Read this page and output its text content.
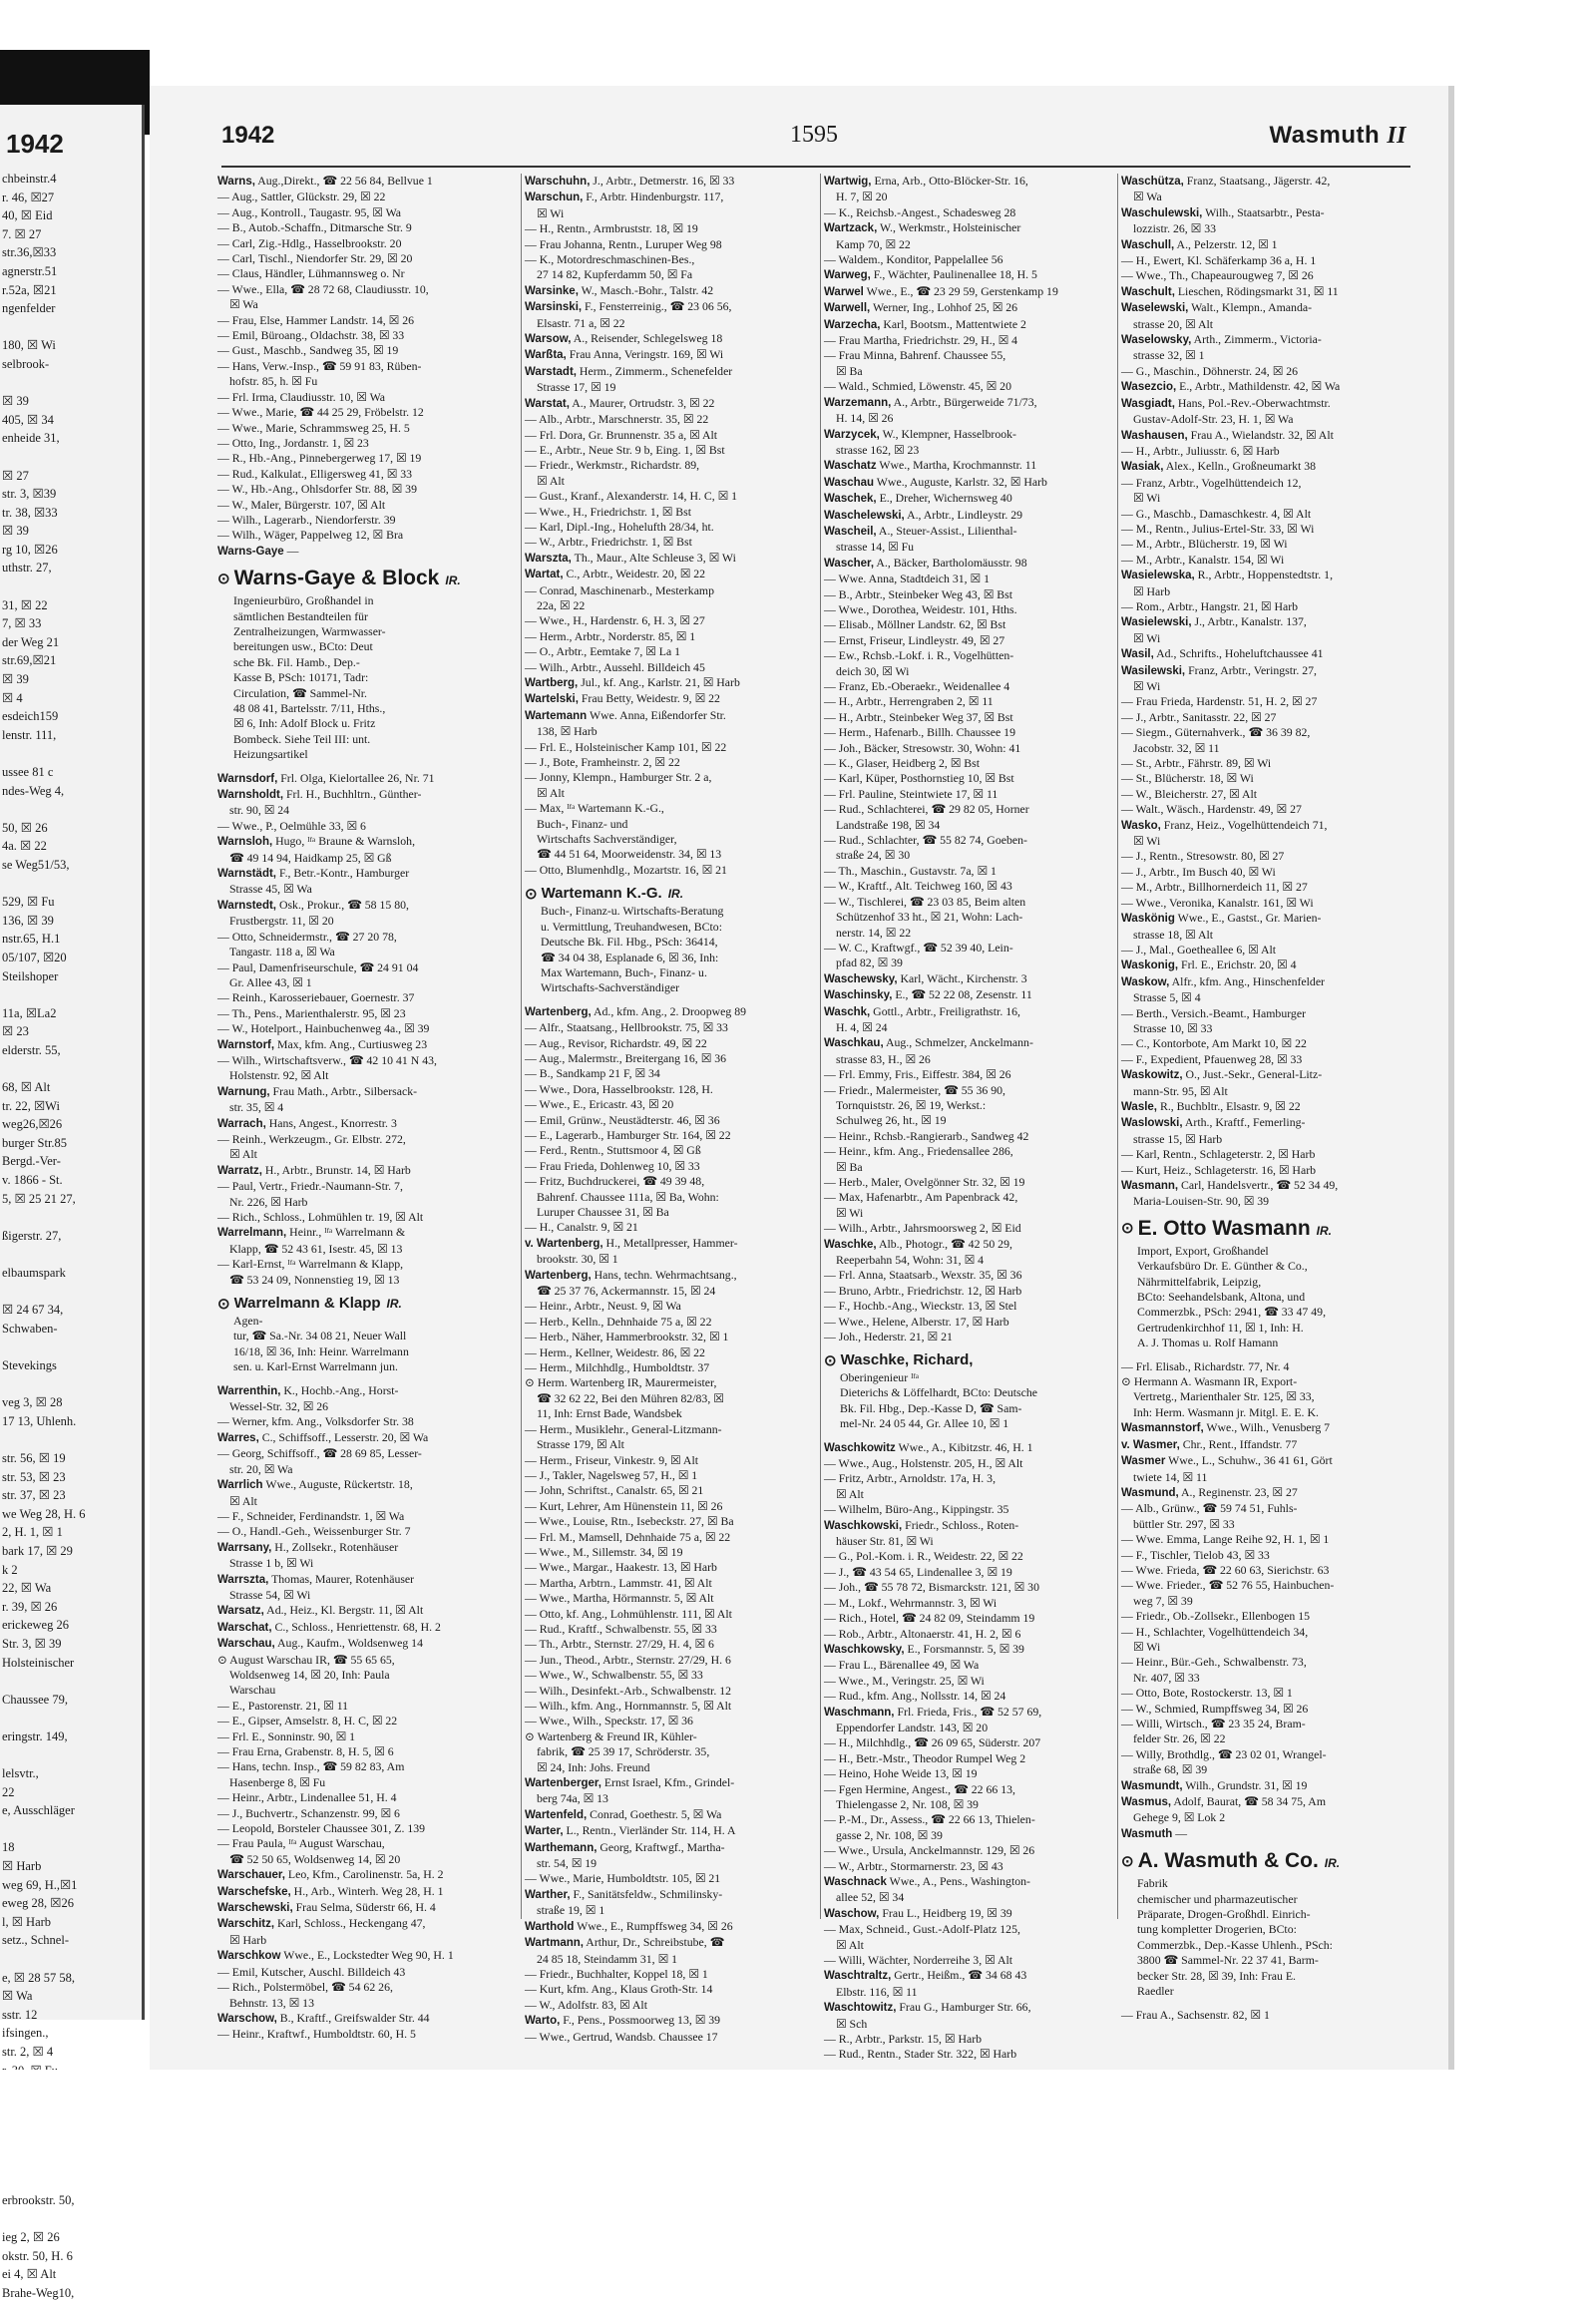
1942
chbeinstr.4
r. 46, ☒27
40, ☒ Eid
7. ☒ 27
str.36,☒33
agnerstr.51
r.52a, ☒21
ngenfelder

180, ☒ Wi
selbrook-

☒ 39
405, ☒ 34
enheide 31,

☒ 27
str. 3, ☒39
tr. 38, ☒33
☒ 39
rg 10, ☒26
uthstr. 27,

31, ☒ 22
7, ☒ 33
der Weg 21
str.69,☒21
☒ 39
☒ 4
esdeich159
lenstr. 111,

ussee 81 c
ndes-Weg 4,

50, ☒ 26
4a. ☒ 22
se Weg51/53,

529, ☒ Fu
136, ☒ 39
nstr.65, H.1
05/107, ☒20
Steilshoper

11a, ☒La2
☒ 23
elderstr. 55,

68, ☒ Alt
tr. 22, ☒Wi
weg26,☒26
burger Str.85
Bergd.-Ver-
v. 1866 - St.
5, ☒ 25 21 27,

ßigerstr. 27,

elbaumspark

☒ 24 67 34,
Schwaben-

Stevekings

veg 3, ☒ 28
17 13, Uhlenh.

str. 56, ☒ 19
str. 53, ☒ 23
str. 37, ☒ 23
we Weg 28, H. 6
2, H. 1, ☒ 1
bark 17, ☒ 29
k 2
22, ☒ Wa
r. 39, ☒ 26
erickeweg 26
Str. 3, ☒ 39
Holsteinischer

Chaussee 79,

eringstr. 149,

lelsvtr.,
22
e, Ausschläger

18
☒ Harb
weg 69, H.,☒1
eweg 28, ☒26
l, ☒ Harb
setz., Schnel-

e, ☒ 28 57 58,
☒ Wa
sstr. 12
ifsingen.,
str. 2, ☒ 4

erbrookstr. 50,

ieg 2, ☒ 26
okstr. 50, H. 6
ei 4, ☒ Alt
Brahe-Weg10,
1595
1942	Wasmuth II
Warns, Aug.,Direkt., ☎ 22 56 84, Bellvue 1
— Aug., Sattler, Glückstr. 29, ☒ 22
— Aug., Kontroll., Taugastr. 95, ☒ Wa
— B., Autob.-Schaffn., Ditmarsche Str. 9
— Carl, Zig.-Hdlg., Hasselbrookstr. 20
— Carl, Tischl., Niendorfer Str. 29, ☒ 20
— Claus, Händler, Lühmannsweg o. Nr
— Wwe., Ella, ☎ 28 72 68, Claudiusstr. 10,
☒ Wa
— Frau, Else, Hammer Landstr. 14, ☒ 26
— Emil, Büroang., Oldachstr. 38, ☒ 33
— Gust., Maschb., Sandweg 35, ☒ 19
— Hans, Verw.-Insp., ☎ 59 91 83, Rüben-
hofstr. 85, h. ☒ Fu
— Frl. Irma, Claudiusstr. 10, ☒ Wa
— Wwe., Marie, ☎ 44 25 29, Fröbelstr. 12
— Wwe., Marie, Schrammsweg 25, H. 5
— Otto, Ing., Jordanstr. 1, ☒ 23
— R., Hb.-Ang., Pinnebergerweg 17, ☒ 19
— Rud., Kalkulat., Elligersweg 41, ☒ 33
— W., Hb.-Ang., Ohlsdorfer Str. 88, ☒ 39
— W., Maler, Bürgerstr. 107, ☒ Alt
— Wilh., Lagerarb., Niendorferstr. 39
— Wilh., Wäger, Pappelweg 12, ☒ Bra
Warns-Gaye —
⊙ Warns-Gaye & Block IR.
Ingenieurbüro, Großhandel in
sämtlichen Bestandteilen für
Zentralheizungen, Warmwasser-
bereitungen usw., BCto: Deut
sche Bk. Fil. Hamb., Dep.-
Kasse B, PSch: 10171, Tadr:
Circulation, ☎ Sammel-Nr.
48 08 41, Bartelsstr. 7/11, Hths.,
☒ 6, Inh: Adolf Block u. Fritz
Bombeck. Siehe Teil III: unt.
Heizungsartikel
Warnsdorf, Frl. Olga, Kielortallee 26, Nr. 71
Warnsholdt, Frl. H., Buchhltrn., Günther-
str. 90, ☒ 24
— Wwe., P., Oelmühle 33, ☒ 6
Warnsloh, Hugo, ᴵᶠᵃ Braune & Warnsloh,
☎ 49 14 94, Haidkamp 25, ☒ Gß
Warnstädt, F., Betr.-Kontr., Hamburger
Strasse 45, ☒ Wa
Warnstedt, Osk., Prokur., ☎ 58 15 80,
Frustbergstr. 11, ☒ 20
— Otto, Schneidermstr., ☎ 27 20 78,
Tangastr. 118 a, ☒ Wa
— Paul, Damenfriseurschule, ☎ 24 91 04
Gr. Allee 43, ☒ 1
— Reinh., Karosseriebauer, Goernestr. 37
— Th., Pens., Marienthalerstr. 95, ☒ 23
— W., Hotelport., Hainbuchenweg 4a., ☒ 39
Warnstorf, Max, kfm. Ang., Curtiusweg 23
— Wilh., Wirtschaftsverw., ☎ 42 10 41 N 43,
Holstenstr. 92, ☒ Alt
Warnung, Frau Math., Arbtr., Silbersack-
str. 35, ☒ 4
Warrach, Hans, Angest., Knorrestr. 3
— Reinh., Werkzeugm., Gr. Elbstr. 272,
☒ Alt
Warratz, H., Arbtr., Brunstr. 14, ☒ Harb
— Paul, Vertr., Friedr.-Naumann-Str. 7,
Nr. 226, ☒ Harb
— Rich., Schloss., Lohmühlen tr. 19, ☒ Alt
Warrelmann, Heinr., ᴵᶠᵃ Warrelmann &
Klapp, ☎ 52 43 61, Isestr. 45, ☒ 13
— Karl-Ernst, ᴵᶠᵃ Warrelmann & Klapp,
☎ 53 24 09, Nonnenstieg 19, ☒ 13
⊙ Warrelmann & Klapp IR.
Agen-
tur, ☎ Sa.-Nr. 34 08 21, Neuer Wall
16/18, ☒ 36, Inh: Heinr. Warrelmann
sen. u. Karl-Ernst Warrelmann jun.
Warrenthin, K., Hochb.-Ang., Horst-
Wessel-Str. 32, ☒ 26
— Werner, kfm. Ang., Volksdorfer Str. 38
Warres, C., Schiffsoff., Lesserstr. 20, ☒ Wa
— Georg, Schiffsoff., ☎ 28 69 85, Lesser-
str. 20, ☒ Wa
Warrlich Wwe., Auguste, Rückertstr. 18,
☒ Alt
— F., Schneider, Ferdinandstr. 1, ☒ Wa
— O., Handl.-Geh., Weissenburger Str. 7
Warrsany, H., Zollsekr., Rotenhäuser
Strasse 1 b, ☒ Wi
Warrszta, Thomas, Maurer, Rotenhäuser
Strasse 54, ☒ Wi
Warsatz, Ad., Heiz., Kl. Bergstr. 11, ☒ Alt
Warschat, C., Schloss., Henriettenstr. 68, H. 2
Warschau, Aug., Kaufm., Woldsenweg 14
⊙ August Warschau IR, ☎ 55 65 65,
Woldsenweg 14, ☒ 20, Inh: Paula
Warschau
— E., Pastorenstr. 21, ☒ 11
— E., Gipser, Amselstr. 8, H. C, ☒ 22
— Frl. E., Sonninstr. 90, ☒ 1
— Frau Erna, Grabenstr. 8, H. 5, ☒ 6
— Hans, techn. Insp., ☎ 59 82 83, Am
Hasenberge 8, ☒ Fu
— Heinr., Arbtr., Lindenallee 51, H. 4
— J., Buchvertr., Schanzenstr. 99, ☒ 6
— Leopold, Borsteler Chaussee 301, Z. 139
— Frau Paula, ᴵᶠᵃ August Warschau,
☎ 52 50 65, Woldsenweg 14, ☒ 20
Warschauer, Leo, Kfm., Carolinenstr. 5a, H. 2
Warschefske, H., Arb., Winterh. Weg 28, H. 1
Warschewski, Frau Selma, Süderstr 66, H. 4
Warschitz, Karl, Schloss., Heckengang 47,
☒ Harb
Warschkow Wwe., E., Lockstedter Weg 90, H. 1
— Emil, Kutscher, Auschl. Billdeich 43
— Rich., Polstermöbel, ☎ 54 62 26,
Behnstr. 13, ☒ 13
Warschow, B., Kraftf., Greifswalder Str. 44
— Heinr., Kraftwf., Humboldtstr. 60, H. 5
Warschuhn, J., Arbtr., Detmerstr. 16, ☒ 33
Warschun, F., Arbtr. Hindenburgstr. 117,
☒ Wi
— H., Rentn., Armbruststr. 18, ☒ 19
— Frau Johanna, Rentn., Luruper Weg 98
— K., Motordreschmaschinen-Bes.,
27 14 82, Kupferdamm 50, ☒ Fa
Warsinke, W., Masch.-Bohr., Talstr. 42
Warsinski, F., Fensterreinig., ☎ 23 06 56,
Elsastr. 71 a, ☒ 22
Warsow, A., Reisender, Schlegelsweg 18
Warßta, Frau Anna, Veringstr. 169, ☒ Wi
Warstadt, Herm., Zimmerm., Schenefelder
Strasse 17, ☒ 19
Warstat, A., Maurer, Ortrudstr. 3, ☒ 22
— Alb., Arbtr., Marschnerstr. 35, ☒ 22
— Frl. Dora, Gr. Brunnenstr. 35 a, ☒ Alt
— E., Arbtr., Neue Str. 9 b, Eing. 1, ☒ Bst
— Friedr., Werkmstr., Richardstr. 89,
☒ Alt
— Gust., Kranf., Alexanderstr. 14, H. C, ☒ 1
— Wwe., H., Friedrichstr. 1, ☒ Bst
— Karl, Dipl.-Ing., Hohelufth 28/34, ht.
— W., Arbtr., Friedrichstr. 1, ☒ Bst
Warszta, Th., Maur., Alte Schleuse 3, ☒ Wi
Wartat, C., Arbtr., Weidestr. 20, ☒ 22
— Conrad, Maschinenarb., Mesterkamp
22a, ☒ 22
— Wwe., H., Hardenstr. 6, H. 3, ☒ 27
— Herm., Arbtr., Norderstr. 85, ☒ 1
— O., Arbtr., Eemtake 7, ☒ La 1
— Wilh., Arbtr., Aussehl. Billdeich 45
Wartberg, Jul., kf. Ang., Karlstr. 21, ☒ Harb
Wartelski, Frau Betty, Weidestr. 9, ☒ 22
Wartemann Wwe. Anna, Eißendorfer Str.
138, ☒ Harb
— Frl. E., Holsteinischer Kamp 101, ☒ 22
— J., Bote, Framheinstr. 2, ☒ 22
— Jonny, Klempn., Hamburger Str. 2 a,
☒ Alt
— Max, ᴵᶠᵃ Wartemann K.-G.,
Buch-, Finanz- und
Wirtschafts Sachverständiger,
☎ 44 51 64, Moorweidenstr. 34, ☒ 13
— Otto, Blumenhdlg., Mozartstr. 16, ☒ 21
⊙ Wartemann K.-G. IR.
Buch-, Finanz-u. Wirtschafts-Beratung
u. Vermittlung, Treuhandwesen, BCto:
Deutsche Bk. Fil. Hbg., PSch: 36414,
☎ 34 04 38, Esplanade 6, ☒ 36, Inh:
Max Wartemann, Buch-, Finanz- u.
Wirtschafts-Sachverständiger
Wartenberg, Ad., kfm. Ang., 2. Droopweg 89
— Alfr., Staatsang., Hellbrookstr. 75, ☒ 33
— Aug., Revisor, Richardstr. 49, ☒ 22
— Aug., Malermstr., Breitergang 16, ☒ 36
— B., Sandkamp 21 F, ☒ 34
— Wwe., Dora, Hasselbrookstr. 128, H.
— Wwe., E., Ericastr. 43, ☒ 20
— Emil, Grünw., Neustädterstr. 46, ☒ 36
— E., Lagerarb., Hamburger Str. 164, ☒ 22
— Ferd., Rentn., Stuttsmoor 4, ☒ Gß
— Frau Frieda, Dohlenweg 10, ☒ 33
— Fritz, Buchdruckerei, ☎ 49 39 48,
Bahrenf. Chaussee 111a, ☒ Ba, Wohn:
Luruper Chaussee 31, ☒ Ba
— H., Canalstr. 9, ☒ 21
v. Wartenberg, H., Metallpresser, Hammer-
brookstr. 30, ☒ 1
Wartenberg, Hans, techn. Wehrmachtsang.,
☎ 25 37 76, Ackermannstr. 15, ☒ 24
— Heinr., Arbtr., Neust. 9, ☒ Wa
— Herb., Kelln., Dehnhaide 75 a, ☒ 22
— Herb., Näher, Hammerbrookstr. 32, ☒ 1
— Herm., Kellner, Weidestr. 86, ☒ 22
— Herm., Milchhdlg., Humboldtstr. 37
⊙ Herm. Wartenberg IR, Maurermeister,
☎ 32 62 22, Bei den Mühren 82/83, ☒
11, Inh: Ernst Bade, Wandsbek
— Herm., Musiklehr., General-Litzmann-
Strasse 179, ☒ Alt
— Herm., Friseur, Vinkestr. 9, ☒ Alt
— J., Takler, Nagelsweg 57, H., ☒ 1
— John, Schriftst., Canalstr. 65, ☒ 21
— Kurt, Lehrer, Am Hünenstein 11, ☒ 26
— Wwe., Louise, Rtn., Isebeckstr. 27, ☒ Ba
— Frl. M., Mamsell, Dehnhaide 75 a, ☒ 22
— Wwe., M., Sillemstr. 34, ☒ 19
— Wwe., Margar., Haakestr. 13, ☒ Harb
— Martha, Arbtrn., Lammstr. 41, ☒ Alt
— Wwe., Martha, Hörmannstr. 5, ☒ Alt
— Otto, kf. Ang., Lohmühlenstr. 111, ☒ Alt
— Rud., Kraftf., Schwalbenstr. 55, ☒ 33
— Th., Arbtr., Sternstr. 27/29, H. 4, ☒ 6
— Jun., Theod., Arbtr., Sternstr. 27/29, H. 6
— Wwe., W., Schwalbenstr. 55, ☒ 33
— Wilh., Desinfekt.-Arb., Schwalbenstr. 12
— Wilh., kfm. Ang., Hornmannstr. 5, ☒ Alt
— Wwe., Wilh., Speckstr. 17, ☒ 36
⊙ Wartenberg & Freund IR, Kühler-
fabrik, ☎ 25 39 17, Schröderstr. 35,
☒ 24, Inh: Johs. Freund
Wartenberger, Ernst Israel, Kfm., Grindel-
berg 74a, ☒ 13
Wartenfeld, Conrad, Goethestr. 5, ☒ Wa
Warter, L., Rentn., Vierländer Str. 114, H. A
Warthemann, Georg, Kraftwgf., Martha-
str. 54, ☒ 19
— Wwe., Marie, Humboldtstr. 105, ☒ 21
Warther, F., Sanitätsfeldw., Schmilinsky-
straße 19, ☒ 1
Warthold Wwe., E., Rumpffsweg 34, ☒ 26
Wartmann, Arthur, Dr., Schreibstube, ☎
24 85 18, Steindamm 31, ☒ 1
— Friedr., Buchhalter, Koppel 18, ☒ 1
— Kurt, kfm. Ang., Klaus Groth-Str. 14
— W., Adolfstr. 83, ☒ Alt
Warto, F., Pens., Possmoorweg 13, ☒ 39
— Wwe., Gertrud, Wandsb. Chaussee 17
Wartwig, Erna, Arb., Otto-Blöcker-Str. 16,
H. 7, ☒ 20
— K., Reichsb.-Angest., Schadesweg 28
Wartzack, W., Werkmstr., Holsteinischer
Kamp 70, ☒ 22
— Waldem., Konditor, Pappelallee 56
Warweg, F., Wächter, Paulinenallee 18, H. 5
Warwel Wwe., E., ☎ 23 29 59, Gerstenkamp 19
Warwell, Werner, Ing., Lohhof 25, ☒ 26
Warzecha, Karl, Bootsm., Mattentwiete 2
— Frau Martha, Friedrichstr. 29, H., ☒ 4
— Frau Minna, Bahrenf. Chaussee 55,
☒ Ba
— Wald., Schmied, Löwenstr. 45, ☒ 20
Warzemann, A., Arbtr., Bürgerweide 71/73,
H. 14, ☒ 26
Warzycek, W., Klempner, Hasselbrook-
strasse 162, ☒ 23
Waschatz Wwe., Martha, Krochmannstr. 11
Waschau Wwe., Auguste, Karlstr. 32, ☒ Harb
Waschek, E., Dreher, Wichernsweg 40
Waschelewski, A., Arbtr., Lindleystr. 29
Wascheil, A., Steuer-Assist., Lilienthal-
strasse 14, ☒ Fu
Wascher, A., Bäcker, Bartholomäusstr. 98
— Wwe. Anna, Stadtdeich 31, ☒ 1
— B., Arbtr., Steinbeker Weg 43, ☒ Bst
— Wwe., Dorothea, Weidestr. 101, Hths.
— Elisab., Möllner Landstr. 62, ☒ Bst
— Ernst, Friseur, Lindleystr. 49, ☒ 27
— Ew., Rchsb.-Lokf. i. R., Vogelhütten-
deich 30, ☒ Wi
— Franz, Eb.-Oberaekr., Weidenallee 4
— H., Arbtr., Herrengraben 2, ☒ 11
— H., Arbtr., Steinbeker Weg 37, ☒ Bst
— Herm., Hafenarb., Billh. Chaussee 19
— Joh., Bäcker, Stresowstr. 30, Wohn: 41
— K., Glaser, Heidberg 2, ☒ Bst
— Karl, Küper, Posthornstieg 10, ☒ Bst
— Frl. Pauline, Steintwiete 17, ☒ 11
— Rud., Schlachterei, ☎ 29 82 05, Horner
Landstraße 198, ☒ 34
— Rud., Schlachter, ☎ 55 82 74, Goeben-
straße 24, ☒ 30
— Th., Maschin., Gustavstr. 7a, ☒ 1
— W., Kraftf., Alt. Teichweg 160, ☒ 43
— W., Tischlerei, ☎ 23 03 85, Beim alten
Schützenhof 33 ht., ☒ 21, Wohn: Lach-
nerstr. 14, ☒ 22
— W. C., Kraftwgf., ☎ 52 39 40, Lein-
pfad 82, ☒ 39
Waschewsky, Karl, Wächt., Kirchenstr. 3
Waschinsky, E., ☎ 52 22 08, Zesenstr. 11
Waschk, Gottl., Arbtr., Freiligrathstr. 16,
H. 4, ☒ 24
Waschkau, Aug., Schmelzer, Anckelmann-
strasse 83, H., ☒ 26
— Frl. Emmy, Fris., Eiffestr. 384, ☒ 26
— Friedr., Malermeister, ☎ 55 36 90,
Tornquiststr. 26, ☒ 19, Werkst.:
Schulweg 26, ht., ☒ 19
— Heinr., Rchsb.-Rangierarb., Sandweg 42
— Heinr., kfm. Ang., Friedensallee 286,
☒ Ba
— Herb., Maler, Ovelgönner Str. 32, ☒ 19
— Max, Hafenarbtr., Am Papenbrack 42,
☒ Wi
— Wilh., Arbtr., Jahrsmoorsweg 2, ☒ Eid
Waschke, Alb., Photogr., ☎ 42 50 29,
Reeperbahn 54, Wohn: 31, ☒ 4
— Frl. Anna, Staatsarb., Wexstr. 35, ☒ 36
— Bruno, Arbtr., Friedrichstr. 12, ☒ Harb
— F., Hochb.-Ang., Wieckstr. 13, ☒ Stel
— Wwe., Helene, Alberstr. 17, ☒ Harb
— Joh., Hederstr. 21, ☒ 21
⊙ Waschke, Richard,
Oberingenieur ᴵᶠᵃ
Dieterichs & Löffelhardt, BCto: Deutsche
Bk. Fil. Hbg., Dep.-Kasse D, ☎ Sam-
mel-Nr. 24 05 44, Gr. Allee 10, ☒ 1
Waschkowitz Wwe., A., Kibitzstr. 46, H. 1
— Wwe., Aug., Holstenstr. 205, H., ☒ Alt
— Fritz, Arbtr., Arnoldstr. 17a, H. 3,
☒ Alt
— Wilhelm, Büro-Ang., Kippingstr. 35
Waschkowski, Friedr., Schloss., Roten-
häuser Str. 81, ☒ Wi
— G., Pol.-Kom. i. R., Weidestr. 22, ☒ 22
— J., ☎ 43 54 65, Lindenallee 3, ☒ 19
— Joh., ☎ 55 78 72, Bismarckstr. 121, ☒ 30
— M., Lokf., Wehrmannstr. 3, ☒ Wi
— Rich., Hotel, ☎ 24 82 09, Steindamm 19
— Rob., Arbtr., Altonaerstr. 41, H. 2, ☒ 6
Waschkowsky, E., Forsmannstr. 5, ☒ 39
— Frau L., Bärenallee 49, ☒ Wa
— Wwe., M., Veringstr. 25, ☒ Wi
— Rud., kfm. Ang., Nollsstr. 14, ☒ 24
Waschmann, Frl. Frieda, Fris., ☎ 52 57 69,
Eppendorfer Landstr. 143, ☒ 20
— H., Milchhdlg., ☎ 26 09 65, Süderstr. 207
— H., Betr.-Mstr., Theodor Rumpel Weg 2
— Heino, Hohe Weide 13, ☒ 19
— Fgen Hermine, Angest., ☎ 22 66 13,
Thielengasse 2, Nr. 108, ☒ 39
— P.-M., Dr., Assess., ☎ 22 66 13, Thielen-
gasse 2, Nr. 108, ☒ 39
— Wwe., Ursula, Anckelmannstr. 129, ☒ 26
— W., Arbtr., Stormarnerstr. 23, ☒ 43
Waschnack Wwe., A., Pens., Washington-
allee 52, ☒ 34
Waschow, Frau L., Heidberg 19, ☒ 39
— Max, Schneid., Gust.-Adolf-Platz 125,
☒ Alt
— Willi, Wächter, Norderreihe 3, ☒ Alt
Waschtraltz, Gertr., Heißm., ☎ 34 68 43
Elbstr. 116, ☒ 11
Waschtowitz, Frau G., Hamburger Str. 66,
☒ Sch
— R., Arbtr., Parkstr. 15, ☒ Harb
— Rud., Rentn., Stader Str. 322, ☒ Harb
Waschütza, Franz, Staatsang., Jägerstr. 42,
☒ Wa
Waschulewski, Wilh., Staatsarbtr., Pesta-
lozzistr. 26, ☒ 33
Waschull, A., Pelzerstr. 12, ☒ 1
— H., Ewert, Kl. Schäferkamp 36 a, H. 1
— Wwe., Th., Chapeaurougweg 7, ☒ 26
Waschult, Lieschen, Rödingsmarkt 31, ☒ 11
Waselewski, Walt., Klempn., Amanda-
strasse 20, ☒ Alt
Waselowsky, Arth., Zimmerm., Victoria-
strasse 32, ☒ 1
— G., Maschin., Döhnerstr. 24, ☒ 26
Wasezcio, E., Arbtr., Mathildenstr. 42, ☒ Wa
Wasgiadt, Hans, Pol.-Rev.-Oberwachtmstr.
Gustav-Adolf-Str. 23, H. 1, ☒ Wa
Washausen, Frau A., Wielandstr. 32, ☒ Alt
— H., Arbtr., Juliusstr. 6, ☒ Harb
Wasiak, Alex., Kelln., Großneumarkt 38
— Franz, Arbtr., Vogelhüttendeich 12,
☒ Wi
— G., Maschb., Damaschkestr. 4, ☒ Alt
— M., Rentn., Julius-Ertel-Str. 33, ☒ Wi
— M., Arbtr., Blücherstr. 19, ☒ Wi
— M., Arbtr., Kanalstr. 154, ☒ Wi
Wasielewska, R., Arbtr., Hoppenstedtstr. 1,
☒ Harb
— Rom., Arbtr., Hangstr. 21, ☒ Harb
Wasielewski, J., Arbtr., Kanalstr. 137,
☒ Wi
Wasil, Ad., Schrifts., Hoheluftchaussee 41
Wasilewski, Franz, Arbtr., Veringstr. 27,
☒ Wi
— Frau Frieda, Hardenstr. 51, H. 2, ☒ 27
— J., Arbtr., Sanitasstr. 22, ☒ 27
— Siegm., Güternahverk., ☎ 36 39 82,
Jacobstr. 32, ☒ 11
— St., Arbtr., Fährstr. 89, ☒ Wi
— St., Blücherstr. 18, ☒ Wi
— W., Bleicherstr. 27, ☒ Alt
— Walt., Wäsch., Hardenstr. 49, ☒ 27
Wasko, Franz, Heiz., Vogelhüttendeich 71,
☒ Wi
— J., Rentn., Stresowstr. 80, ☒ 27
— J., Arbtr., Im Busch 40, ☒ Wi
— M., Arbtr., Billhornerdeich 11, ☒ 27
— Wwe., Veronika, Kanalstr. 161, ☒ Wi
Waskönig Wwe., E., Gastst., Gr. Marien-
strasse 18, ☒ Alt
— J., Mal., Goetheallee 6, ☒ Alt
Waskonig, Frl. E., Erichstr. 20, ☒ 4
Waskow, Alfr., kfm. Ang., Hinschenfelder
Strasse 5, ☒ 4
— Berth., Versich.-Beamt., Hamburger
Strasse 10, ☒ 33
— C., Kontorbote, Am Markt 10, ☒ 22
— F., Expedient, Pfauenweg 28, ☒ 33
Waskowitz, O., Just.-Sekr., General-Litz-
mann-Str. 95, ☒ Alt
Wasle, R., Buchbltr., Elsastr. 9, ☒ 22
Waslowski, Arth., Kraftf., Femerling-
strasse 15, ☒ Harb
— Karl, Rentn., Schlageterstr. 2, ☒ Harb
— Kurt, Heiz., Schlageterstr. 16, ☒ Harb
Wasmann, Carl, Handelsvertr., ☎ 52 34 49,
Maria-Louisen-Str. 90, ☒ 39
⊙ E. Otto Wasmann IR.
Import, Export, Großhandel
Verkaufsbüro Dr. E. Günther & Co.,
Nährmittelfabrik, Leipzig,
BCto: Seehandelsbank, Altona, und
Commerzbk., PSch: 2941, ☎ 33 47 49,
Gertrudenkirchhof 11, ☒ 1, Inh: H.
A. J. Thomas u. Rolf Hamann
— Frl. Elisab., Richardstr. 77, Nr. 4
⊙ Hermann A. Wasmann IR, Export-
Vertretg., Marienthaler Str. 125, ☒ 33,
Inh: Herm. Wasmann jr. Mitgl. E. E. K.
Wasmannstorf, Wwe., Wilh., Venusberg 7
v. Wasmer, Chr., Rent., Iffandstr. 77
Wasmer Wwe., L., Schuhw., 36 41 61, Gört
twiete 14, ☒ 11
Wasmund, A., Reginenstr. 23, ☒ 27
— Alb., Grünw., ☎ 59 74 51, Fuhls-
büttler Str. 297, ☒ 33
— Wwe. Emma, Lange Reihe 92, H. 1, ☒ 1
— F., Tischler, Tielob 43, ☒ 33
— Wwe. Frieda, ☎ 22 60 63, Sierichstr. 63
— Wwe. Frieder., ☎ 52 76 55, Hainbuchen-
weg 7, ☒ 39
— Friedr., Ob.-Zollsekr., Ellenbogen 15
— H., Schlachter, Vogelhüttendeich 34,
☒ Wi
— Heinr., Bür.-Geh., Schwalbenstr. 73,
Nr. 407, ☒ 33
— Otto, Bote, Rostockerstr. 13, ☒ 1
— W., Schmied, Rumpffsweg 34, ☒ 26
— Willi, Wirtsch., ☎ 23 35 24, Bram-
felder Str. 26, ☒ 22
— Willy, Brothdlg., ☎ 23 02 01, Wrangel-
straße 68, ☒ 39
Wasmundt, Wilh., Grundstr. 31, ☒ 19
Wasmus, Adolf, Baurat, ☎ 58 34 75, Am
Gehege 9, ☒ Lok 2
Wasmuth —
⊙ A. Wasmuth & Co. IR.
Fabrik
chemischer und pharmazeutischer
Präparate, Drogen-Großhdl. Einrich-
tung kompletter Drogerien, BCto:
Commerzbk., Dep.-Kasse Uhlenh., PSch:
3800 ☎ Sammel-Nr. 22 37 41, Barm-
becker Str. 28, ☒ 39, Inh: Frau E.
Raedler
— Frau A., Sachsenstr. 82, ☒ 1
